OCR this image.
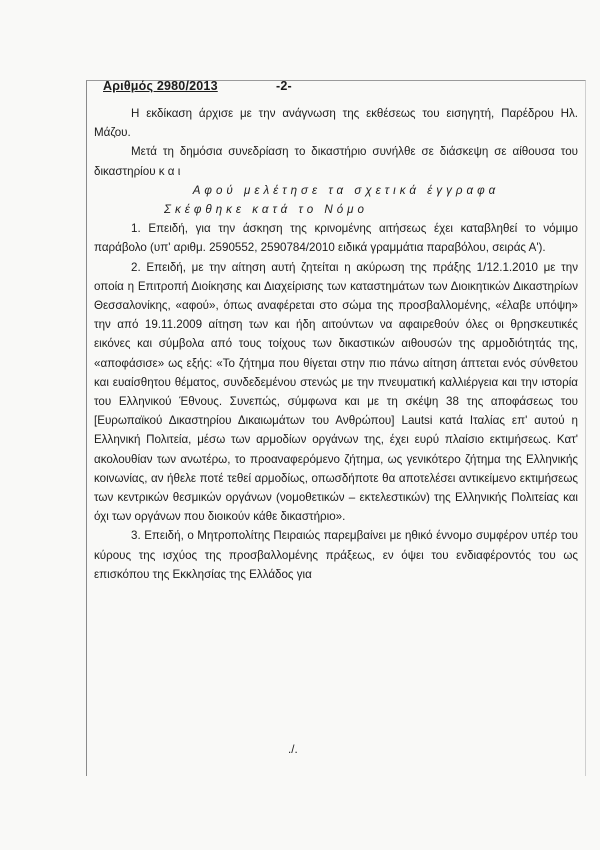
Αριθμός 2980/2013	-2-

Η εκδίκαση άρχισε με την ανάγνωση της εκθέσεως του εισηγητή, Παρέδρου Ηλ. Μάζου.

Μετά τη δημόσια συνεδρίαση το δικαστήριο συνήλθε σε διάσκεψη σε αίθουσα του δικαστηρίου κ α ι

Αφού μελέτησε τα σχετικά έγγραφα

Σκέφθηκε κατά το Νόμο

1. Επειδή, για την άσκηση της κρινομένης αιτήσεως έχει καταβληθεί το νόμιμο παράβολο (υπ' αριθμ. 2590552, 2590784/2010 ειδικά γραμμάτια παραβόλου, σειράς Α').

2. Επειδή, με την αίτηση αυτή ζητείται η ακύρωση της πράξης 1/12.1.2010 με την οποία η Επιτροπή Διοίκησης και Διαχείρισης των καταστημάτων των Διοικητικών Δικαστηρίων Θεσσαλονίκης, «αφού», όπως αναφέρεται στο σώμα της προσβαλλομένης, «έλαβε υπόψη» την από 19.11.2009 αίτηση των και ήδη αιτούντων να αφαιρεθούν όλες οι θρησκευτικές εικόνες και σύμβολα από τους τοίχους των δικαστικών αιθουσών της αρμοδιότητάς της, «αποφάσισε» ως εξής: «Το ζήτημα που θίγεται στην πιο πάνω αίτηση άπτεται ενός σύνθετου και ευαίσθητου θέματος, συνδεδεμένου στενώς με την πνευματική καλλιέργεια και την ιστορία του Ελληνικού Έθνους. Συνεπώς, σύμφωνα και με τη σκέψη 38 της αποφάσεως του [Ευρωπαϊκού Δικαστηρίου Δικαιωμάτων του Ανθρώπου] Lautsi κατά Ιταλίας επ' αυτού η Ελληνική Πολιτεία, μέσω των αρμοδίων οργάνων της, έχει ευρύ πλαίσιο εκτιμήσεως. Κατ' ακολουθίαν των ανωτέρω, το προαναφερόμενο ζήτημα, ως γενικότερο ζήτημα της Ελληνικής κοινωνίας, αν ήθελε ποτέ τεθεί αρμοδίως, οπωσδήποτε θα αποτελέσει αντικείμενο εκτιμήσεως των κεντρικών θεσμικών οργάνων (νομοθετικών – εκτελεστικών) της Ελληνικής Πολιτείας και όχι των οργάνων που διοικούν κάθε δικαστήριο».

3. Επειδή, ο Μητροπολίτης Πειραιώς παρεμβαίνει με ηθικό έννομο συμφέρον υπέρ του κύρους της ισχύος της προσβαλλομένης πράξεως, εν όψει του ενδιαφέροντός του ως επισκόπου της Εκκλησίας της Ελλάδος για

./.
